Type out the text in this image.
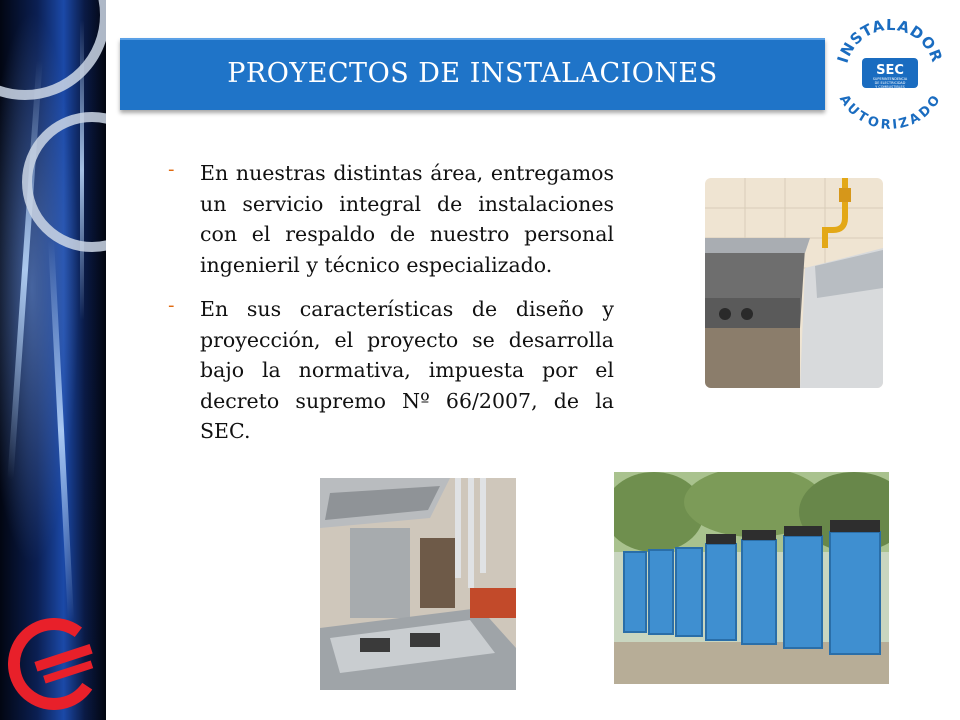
PROYECTOS DE INSTALACIONES	INSTALADOR
AUTORIZADO
SEC
SUPERINTENDENCIA
DE ELECTRICIDAD
Y COMBUSTIBLES
- En nuestras distintas área, entregamos un servicio integral de instalaciones con el respaldo de nuestro personal ingenieril y técnico especializado.
- En sus características de diseño y proyección, el proyecto se desarrolla bajo la normativa, impuesta por el decreto supremo Nº 66/2007, de la SEC.
